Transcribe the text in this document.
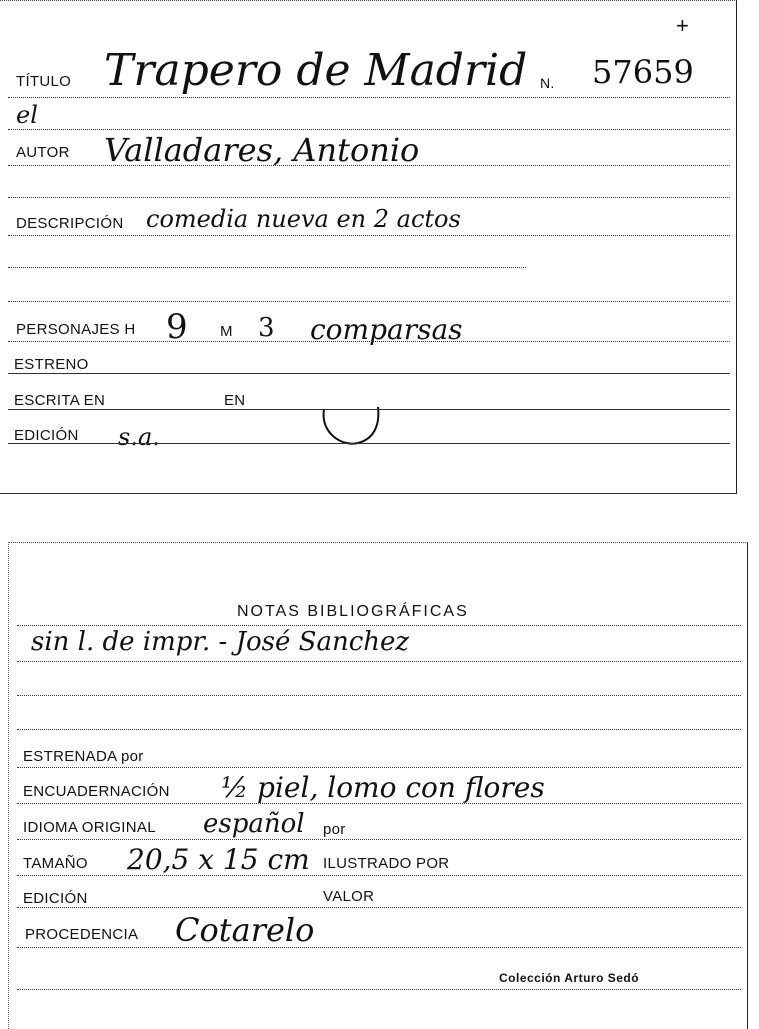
+
TÍTULO Trapero de Madrid N. 57659
el
AUTOR Valladares, Antonio
DESCRIPCIÓN comedia nueva en 2 actos
PERSONAJES H 9 M 3 comparsas
ESTRENO
ESCRITA EN	EN
EDICIÓN s.a.
NOTAS BIBLIOGRÁFICAS
sin l. de impr. - José Sanchez
ESTRENADA por
ENCUADERNACIÓN ½ piel, lomo con flores
IDIOMA ORIGINAL español por
TAMAÑO 20,5 x 15 cm ILUSTRADO POR
EDICIÓN	VALOR
PROCEDENCIA Cotarelo
Colección Arturo Sedó
